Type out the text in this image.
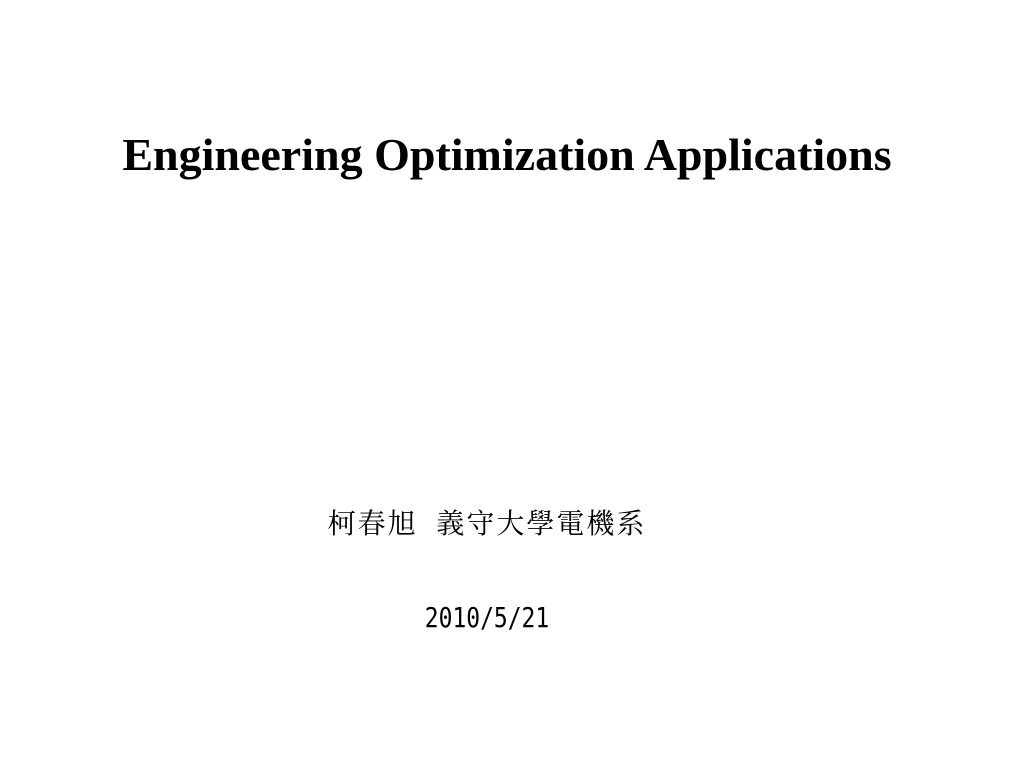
Engineering Optimization Applications
柯春旭 義守大學電機系
2010/5/21
